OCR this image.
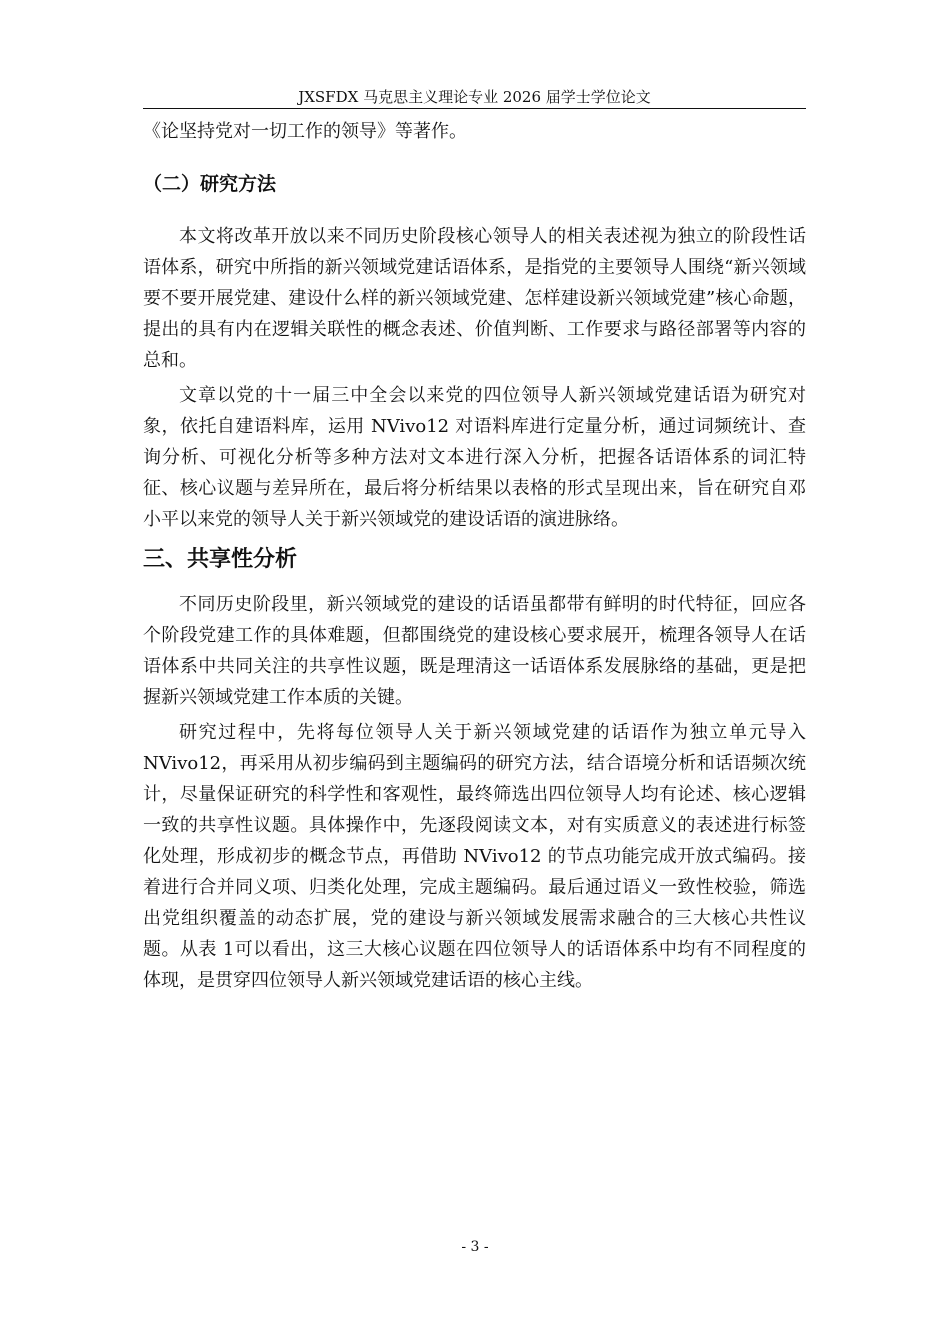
JXSFDX 马克思主义理论专业 2026 届学士学位论文

《论坚持党对一切工作的领导》等著作。

（二）研究方法

本文将改革开放以来不同历史阶段核心领导人的相关表述视为独立的阶段性话语体系，研究中所指的新兴领域党建话语体系，是指党的主要领导人围绕“新兴领域要不要开展党建、建设什么样的新兴领域党建、怎样建设新兴领域党建”核心命题，提出的具有内在逻辑关联性的概念表述、价值判断、工作要求与路径部署等内容的总和。

文章以党的十一届三中全会以来党的四位领导人新兴领域党建话语为研究对象，依托自建语料库，运用 NVivo12 对语料库进行定量分析，通过词频统计、查询分析、可视化分析等多种方法对文本进行深入分析，把握各话语体系的词汇特征、核心议题与差异所在，最后将分析结果以表格的形式呈现出来，旨在研究自邓小平以来党的领导人关于新兴领域党的建设话语的演进脉络。

三、共享性分析

不同历史阶段里，新兴领域党的建设的话语虽都带有鲜明的时代特征，回应各个阶段党建工作的具体难题，但都围绕党的建设核心要求展开，梳理各领导人在话语体系中共同关注的共享性议题，既是理清这一话语体系发展脉络的基础，更是把握新兴领域党建工作本质的关键。

研究过程中，先将每位领导人关于新兴领域党建的话语作为独立单元导入 NVivo12，再采用从初步编码到主题编码的研究方法，结合语境分析和话语频次统计，尽量保证研究的科学性和客观性，最终筛选出四位领导人均有论述、核心逻辑一致的共享性议题。具体操作中，先逐段阅读文本，对有实质意义的表述进行标签化处理，形成初步的概念节点，再借助 NVivo12 的节点功能完成开放式编码。接着进行合并同义项、归类化处理，完成主题编码。最后通过语义一致性校验，筛选出党组织覆盖的动态扩展，党的建设与新兴领域发展需求融合的三大核心共性议题。从表 1可以看出，这三大核心议题在四位领导人的话语体系中均有不同程度的体现，是贯穿四位领导人新兴领域党建话语的核心主线。

- 3 -
